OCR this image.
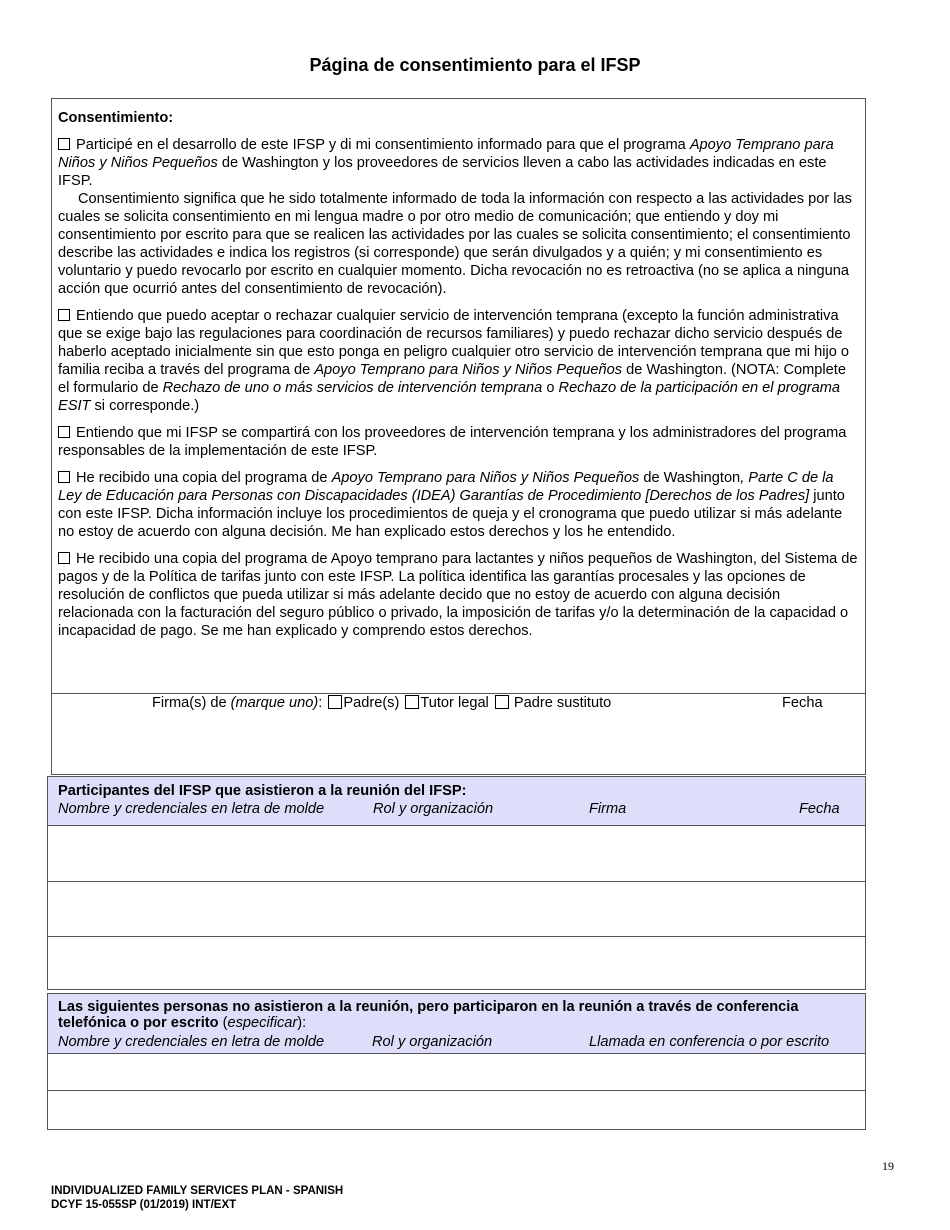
Página de consentimiento para el IFSP

Consentimiento:

Participé en el desarrollo de este IFSP y di mi consentimiento informado para que el programa Apoyo Temprano para Niños y Niños Pequeños de Washington y los proveedores de servicios lleven a cabo las actividades indicadas en este IFSP.
Consentimiento significa que he sido totalmente informado de toda la información con respecto a las actividades por las cuales se solicita consentimiento en mi lengua madre o por otro medio de comunicación; que entiendo y doy mi consentimiento por escrito para que se realicen las actividades por las cuales se solicita consentimiento; el consentimiento describe las actividades e indica los registros (si corresponde) que serán divulgados y a quién; y mi consentimiento es voluntario y puedo revocarlo por escrito en cualquier momento. Dicha revocación no es retroactiva (no se aplica a ninguna acción que ocurrió antes del consentimiento de revocación).

Entiendo que puedo aceptar o rechazar cualquier servicio de intervención temprana (excepto la función administrativa que se exige bajo las regulaciones para coordinación de recursos familiares) y puedo rechazar dicho servicio después de haberlo aceptado inicialmente sin que esto ponga en peligro cualquier otro servicio de intervención temprana que mi hijo o familia reciba a través del programa de Apoyo Temprano para Niños y Niños Pequeños de Washington. (NOTA: Complete el formulario de Rechazo de uno o más servicios de intervención temprana o Rechazo de la participación en el programa ESIT si corresponde.)

Entiendo que mi IFSP se compartirá con los proveedores de intervención temprana y los administradores del programa responsables de la implementación de este IFSP.

He recibido una copia del programa de Apoyo Temprano para Niños y Niños Pequeños de Washington, Parte C de la Ley de Educación para Personas con Discapacidades (IDEA) Garantías de Procedimiento [Derechos de los Padres] junto con este IFSP. Dicha información incluye los procedimientos de queja y el cronograma que puedo utilizar si más adelante no estoy de acuerdo con alguna decisión. Me han explicado estos derechos y los he entendido.

He recibido una copia del programa de Apoyo temprano para lactantes y niños pequeños de Washington, del Sistema de pagos y de la Política de tarifas junto con este IFSP. La política identifica las garantías procesales y las opciones de resolución de conflictos que pueda utilizar si más adelante decido que no estoy de acuerdo con alguna decisión relacionada con la facturación del seguro público o privado, la imposición de tarifas y/o la determinación de la capacidad o incapacidad de pago. Se me han explicado y comprendo estos derechos.

Firma(s) de (marque uno): Padre(s) Tutor legal  Padre sustituto	Fecha
Participantes del IFSP que asistieron a la reunión del IFSP:
Nombre y credenciales en letra de molde	Rol y organización	Firma	Fecha
Las siguientes personas no asistieron a la reunión, pero participaron en la reunión a través de conferencia telefónica o por escrito (especificar):
Nombre y credenciales en letra de molde	Rol y organización	Llamada en conferencia o por escrito
19
INDIVIDUALIZED FAMILY SERVICES PLAN - SPANISH
DCYF 15-055SP (01/2019) INT/EXT
